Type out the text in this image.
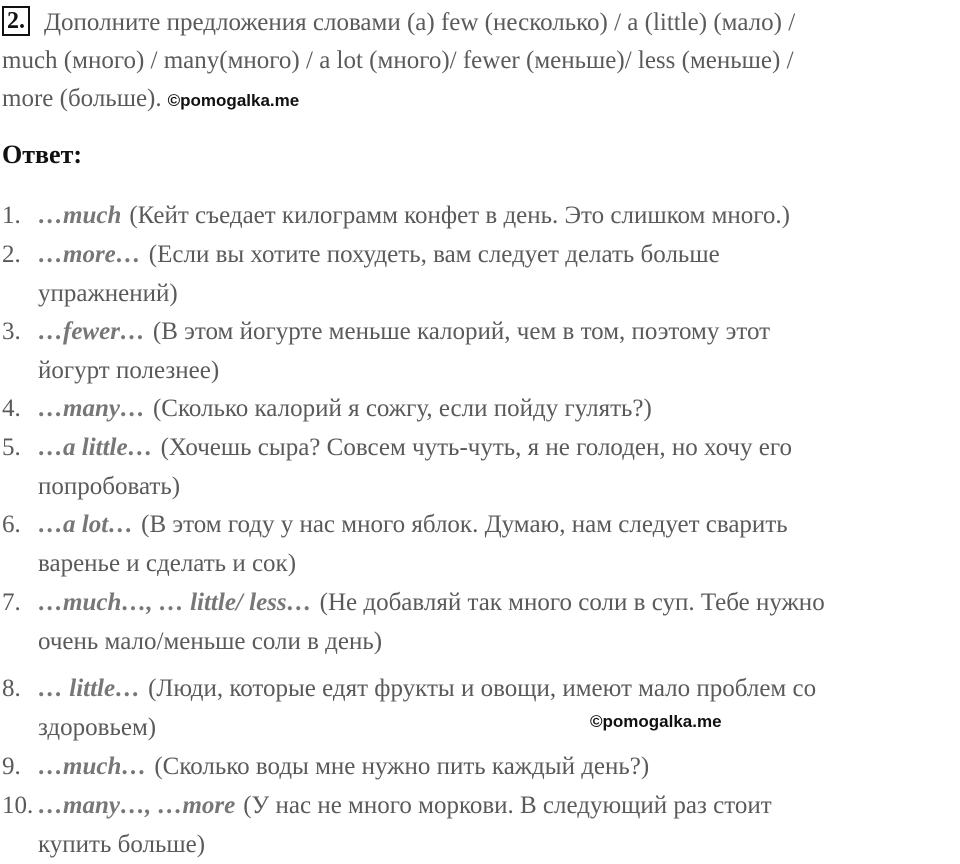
2. Дополните предложения словами (а) few (несколько) / a (little) (мало) /
much (много) / many(много) / a lot (много)/ fewer (меньше)/ less (меньше) /
more (больше). ©pomogalka.me
Ответ:
1. …much (Кейт съедает килограмм конфет в день. Это слишком много.)
2. …more… (Если вы хотите похудеть, вам следует делать больше
упражнений)
3. …fewer… (В этом йогурте меньше калорий, чем в том, поэтому этот
йогурт полезнее)
4. …many… (Сколько калорий я сожгу, если пойду гулять?)
5. …a little… (Хочешь сыра? Совсем чуть-чуть, я не голоден, но хочу его
попробовать)
6. …a lot… (В этом году у нас много яблок. Думаю, нам следует сварить
варенье и сделать и сок)
7. …much…, … little/ less… (Не добавляй так много соли в суп. Тебе нужно
очень мало/меньше соли в день)
8. … little… (Люди, которые едят фрукты и овощи, имеют мало проблем со
здоровьем)
9. …much… (Сколько воды мне нужно пить каждый день?)
10. …many…, …more (У нас не много моркови. В следующий раз стоит
купить больше)
©pomogalka.me
